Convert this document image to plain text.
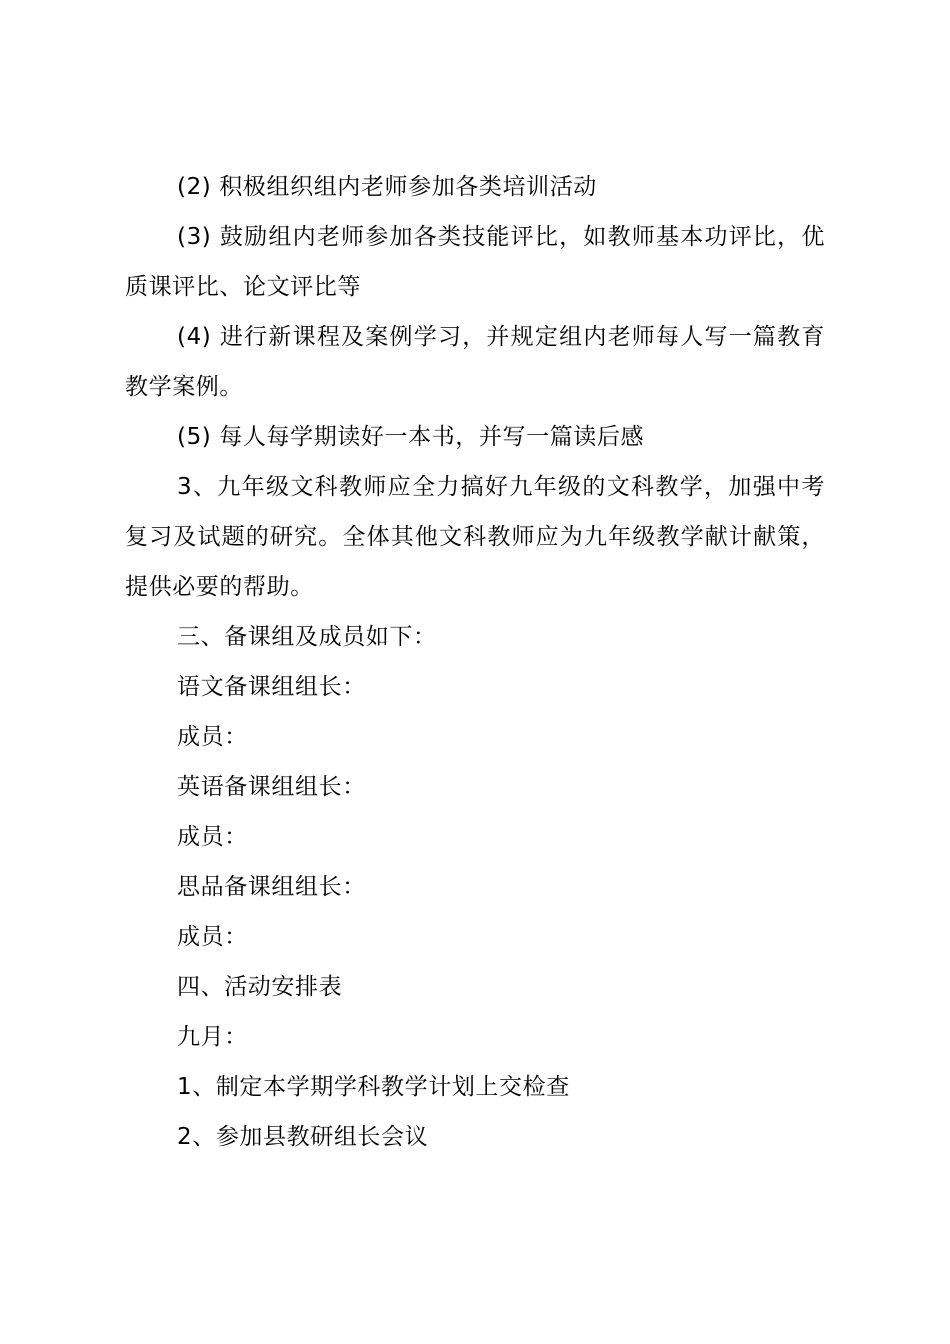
(2) 积极组织组内老师参加各类培训活动

(3) 鼓励组内老师参加各类技能评比，如教师基本功评比，优质课评比、论文评比等

(4) 进行新课程及案例学习，并规定组内老师每人写一篇教育教学案例。

(5) 每人每学期读好一本书，并写一篇读后感

3、九年级文科教师应全力搞好九年级的文科教学，加强中考复习及试题的研究。全体其他文科教师应为九年级教学献计献策，提供必要的帮助。

三、备课组及成员如下：

语文备课组组长：

成员：

英语备课组组长：

成员：

思品备课组组长：

成员：

四、活动安排表

九月：

1、制定本学期学科教学计划上交检查

2、参加县教研组长会议
